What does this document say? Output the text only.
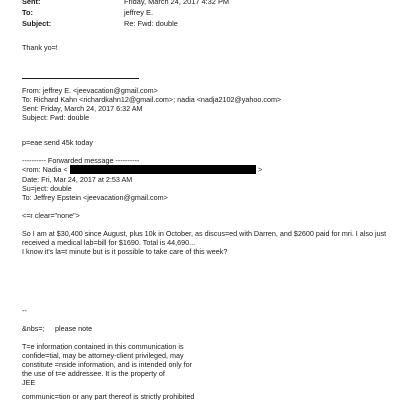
Sent:	Friday, March 24, 2017 4:32 PM
To:	jeffrey E.
Subject:	Re: Fwd: double
Thank yo=!
From: jeffrey E. <jeevacation@gmail.com>
To: Richard Kahn <richardkahn12@gmail.com>; nadia <nadja2102@yahoo.com>
Sent: Friday, March 24, 2017 6:32 AM
Subject: Fwd: double
p=eae send 45k today
---------- Forwarded message ----------
<rom: Nadia <	>
Date: Fri, Mar 24, 2017 at 2:53 AM
Su=ject: double
To: Jeffrey Epstein <jeevacation@gmail.com>
<=r clear="none">
So I am at $30,400 since August, plus 10k in October, as discus=ed with Darren, and $2600 paid for mri. I also just
received a medical lab=bill for $1690. Total is 44,690...
I know it's la=t minute but is it possible to take care of this week?
--
&nbs=; please note
T=e information contained in this communication is
confide=tial, may be attorney-client privileged, may
constitute =nside information, and is intended only for
the use of t=e addressee. It is the property of
JEE
communic=tion or any part thereof is strictly prohibited
